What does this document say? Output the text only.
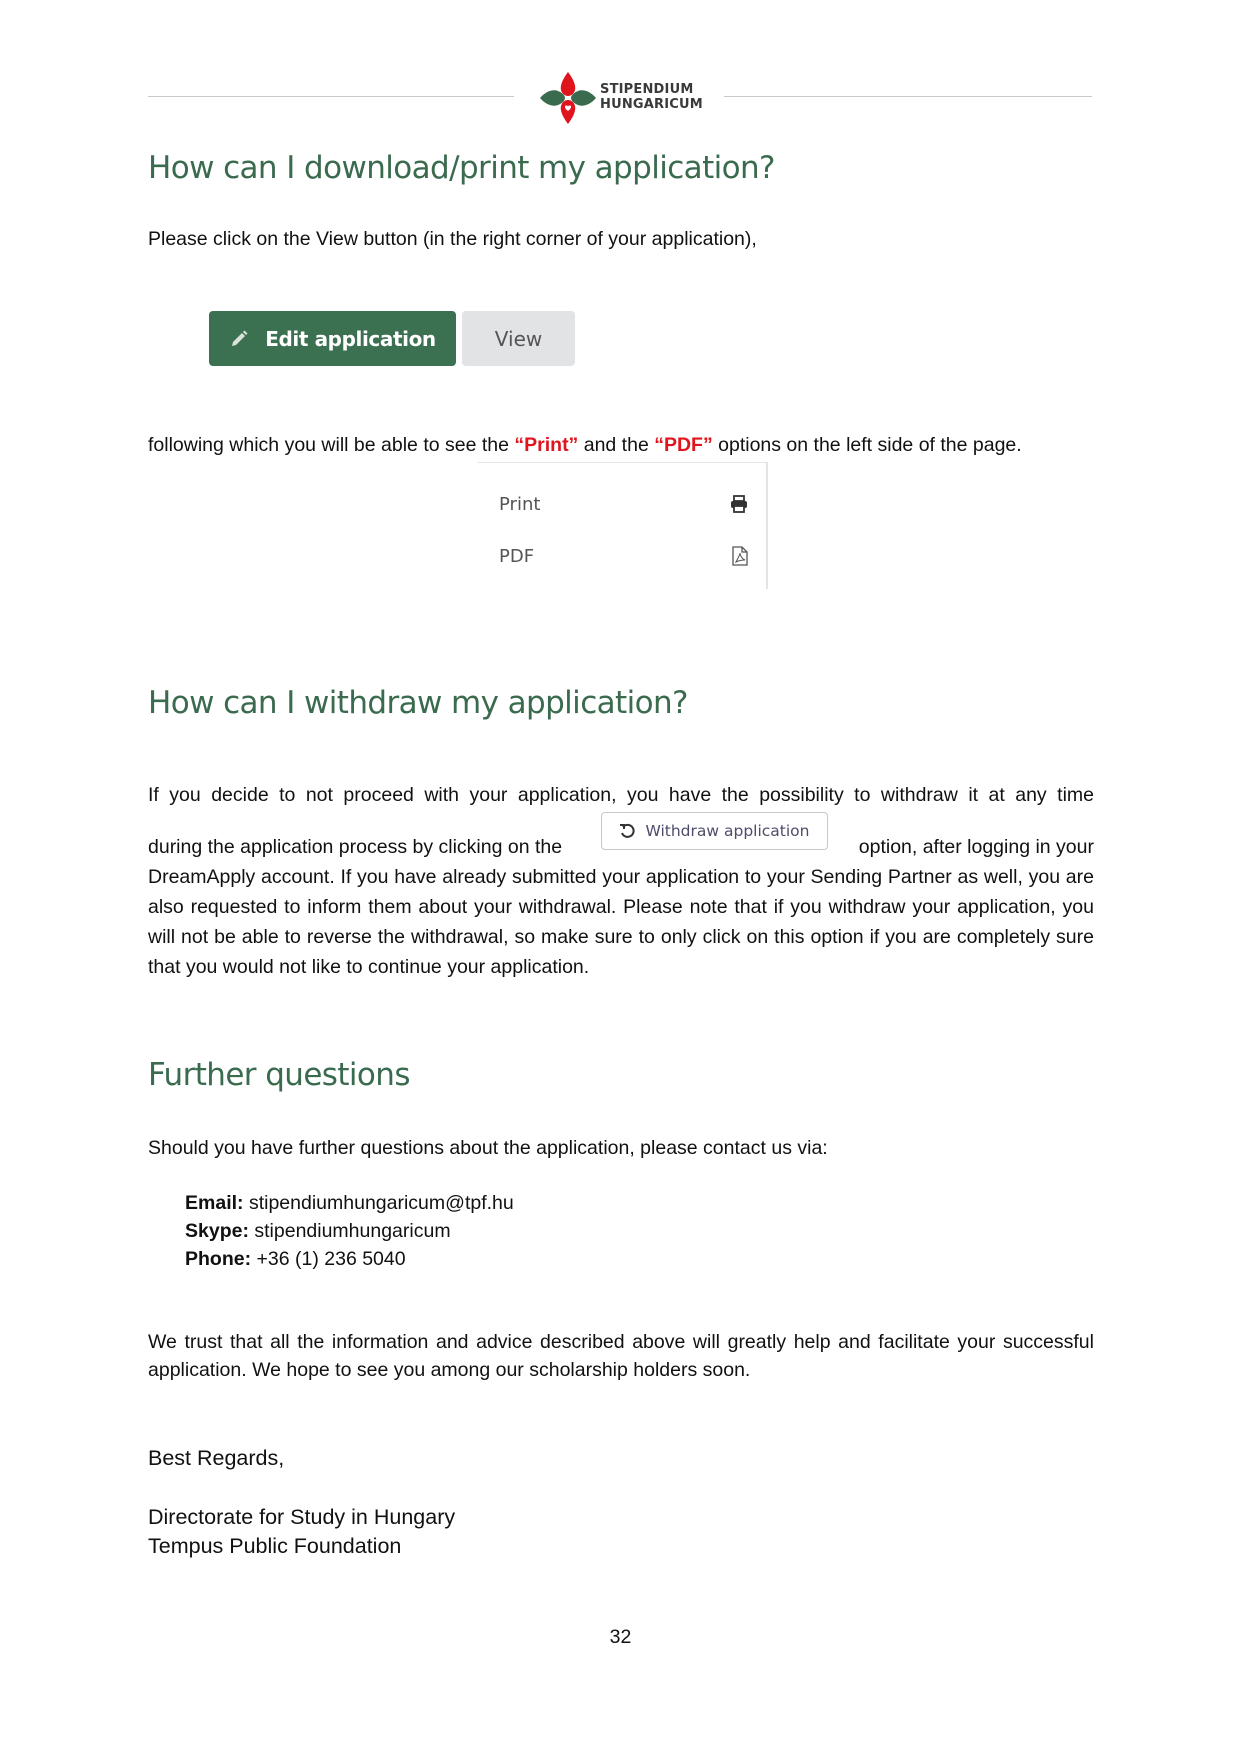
STIPENDIUM
HUNGARICUM
How can I download/print my application?
Please click on the View button (in the right corner of your application),
Edit application	View
following which you will be able to see the “Print” and the “PDF” options on the left side of the page.
Print
PDF
How can I withdraw my application?
If you decide to not proceed with your application, you have the possibility to withdraw it at any time
during the application process by clicking on the
Withdraw application
option, after logging in your
DreamApply account. If you have already submitted your application to your Sending Partner as well, you are also requested to inform them about your withdrawal. Please note that if you withdraw your application, you will not be able to reverse the withdrawal, so make sure to only click on this option if you are completely sure that you would not like to continue your application.
Further questions
Should you have further questions about the application, please contact us via:
Email: stipendiumhungaricum@tpf.hu
Skype: stipendiumhungaricum
Phone: +36 (1) 236 5040
We trust that all the information and advice described above will greatly help and facilitate your successful application. We hope to see you among our scholarship holders soon.
Best Regards,
Directorate for Study in Hungary
Tempus Public Foundation
32
